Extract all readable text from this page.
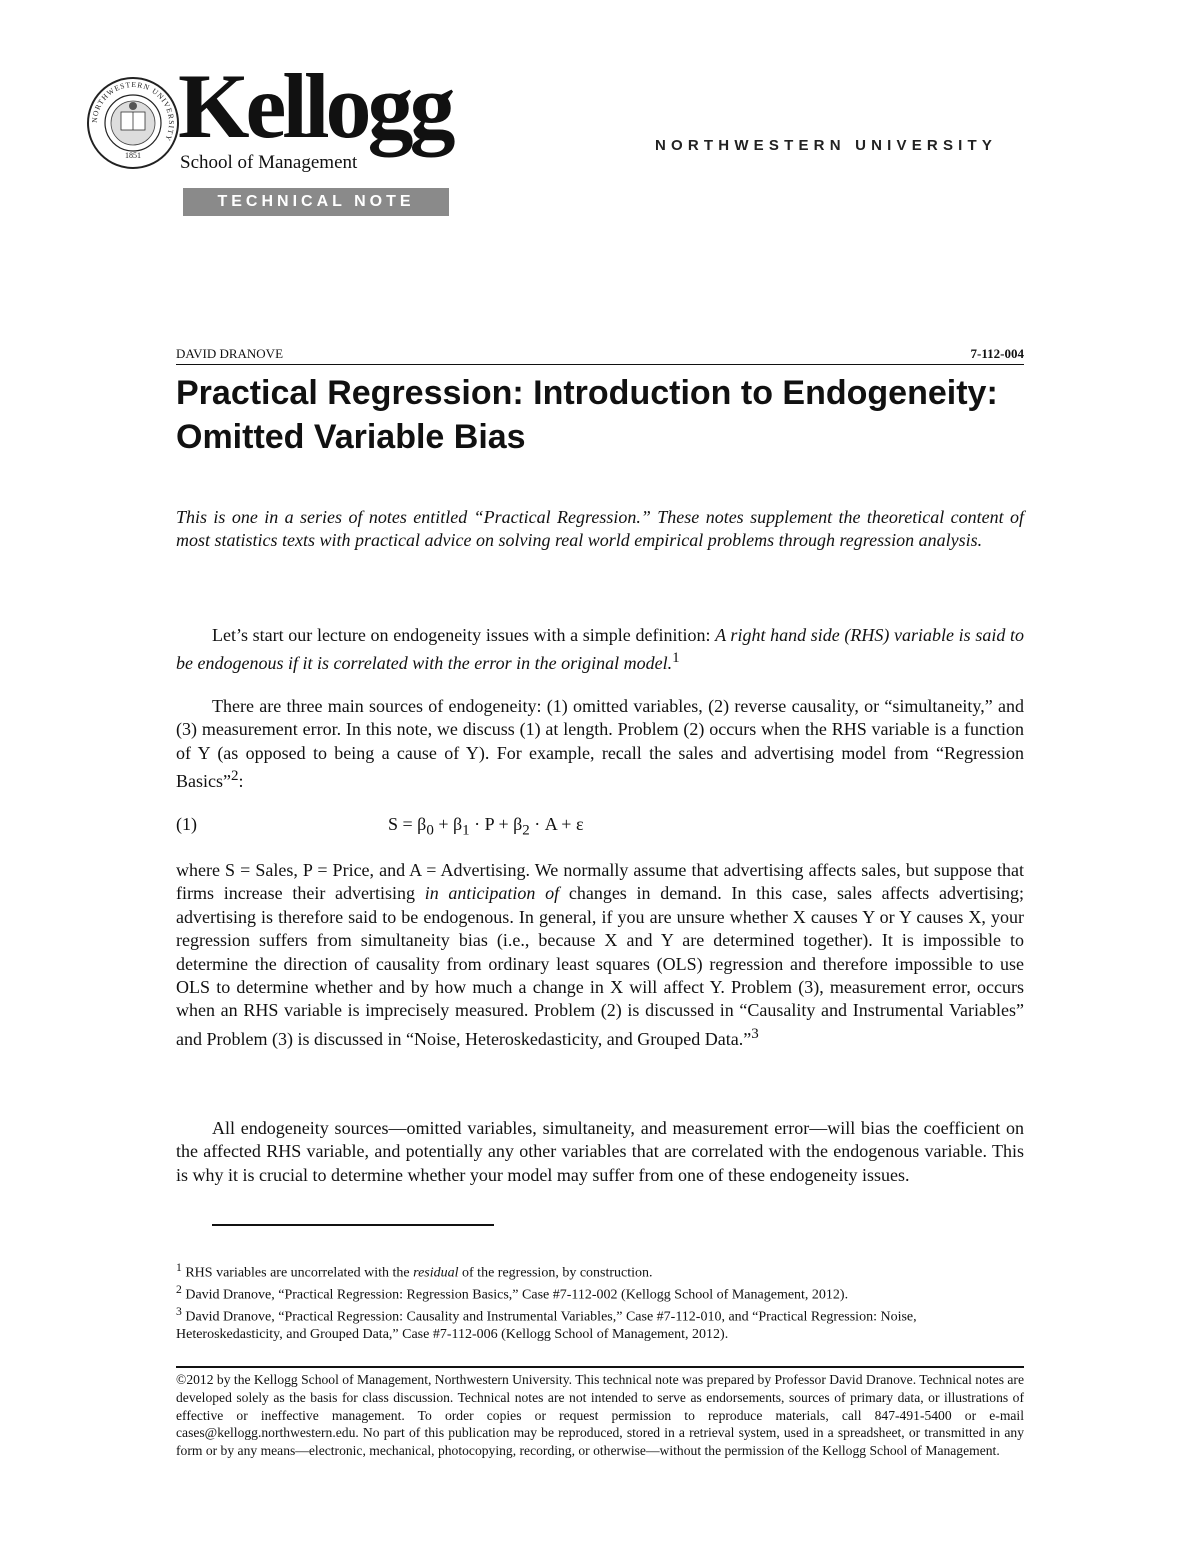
NORTHWESTERN UNIVERSITY
1851 Kellogg
School of Management
TECHNICAL NOTE
NORTHWESTERN UNIVERSITY
DAVID DRANOVE	7-112-004
Practical Regression: Introduction to Endogeneity: Omitted Variable Bias
This is one in a series of notes entitled “Practical Regression.” These notes supplement the theoretical content of most statistics texts with practical advice on solving real world empirical problems through regression analysis.
Let’s start our lecture on endogeneity issues with a simple definition: A right hand side (RHS) variable is said to be endogenous if it is correlated with the error in the original model.$^1$
There are three main sources of endogeneity: (1) omitted variables, (2) reverse causality, or “simultaneity,” and (3) measurement error. In this note, we discuss (1) at length. Problem (2) occurs when the RHS variable is a function of Y (as opposed to being a cause of Y). For example, recall the sales and advertising model from “Regression Basics”$^2$:
(1)	$S = \beta_0 + \beta_1 \cdot P + \beta_2 \cdot A + \varepsilon$
where S = Sales, P = Price, and A = Advertising. We normally assume that advertising affects sales, but suppose that firms increase their advertising in anticipation of changes in demand. In this case, sales affects advertising; advertising is therefore said to be endogenous. In general, if you are unsure whether X causes Y or Y causes X, your regression suffers from simultaneity bias (i.e., because X and Y are determined together). It is impossible to determine the direction of causality from ordinary least squares (OLS) regression and therefore impossible to use OLS to determine whether and by how much a change in X will affect Y. Problem (3), measurement error, occurs when an RHS variable is imprecisely measured. Problem (2) is discussed in “Causality and Instrumental Variables” and Problem (3) is discussed in “Noise, Heteroskedasticity, and Grouped Data.”$^3$
All endogeneity sources—omitted variables, simultaneity, and measurement error—will bias the coefficient on the affected RHS variable, and potentially any other variables that are correlated with the endogenous variable. This is why it is crucial to determine whether your model may suffer from one of these endogeneity issues.
$^1$ RHS variables are uncorrelated with the residual of the regression, by construction.
$^2$ David Dranove, “Practical Regression: Regression Basics,” Case #7-112-002 (Kellogg School of Management, 2012).
$^3$ David Dranove, “Practical Regression: Causality and Instrumental Variables,” Case #7-112-010, and “Practical Regression: Noise, Heteroskedasticity, and Grouped Data,” Case #7-112-006 (Kellogg School of Management, 2012).
©2012 by the Kellogg School of Management, Northwestern University. This technical note was prepared by Professor David Dranove. Technical notes are developed solely as the basis for class discussion. Technical notes are not intended to serve as endorsements, sources of primary data, or illustrations of effective or ineffective management. To order copies or request permission to reproduce materials, call 847-491-5400 or e-mail cases@kellogg.northwestern.edu. No part of this publication may be reproduced, stored in a retrieval system, used in a spreadsheet, or transmitted in any form or by any means—electronic, mechanical, photocopying, recording, or otherwise—without the permission of the Kellogg School of Management.
